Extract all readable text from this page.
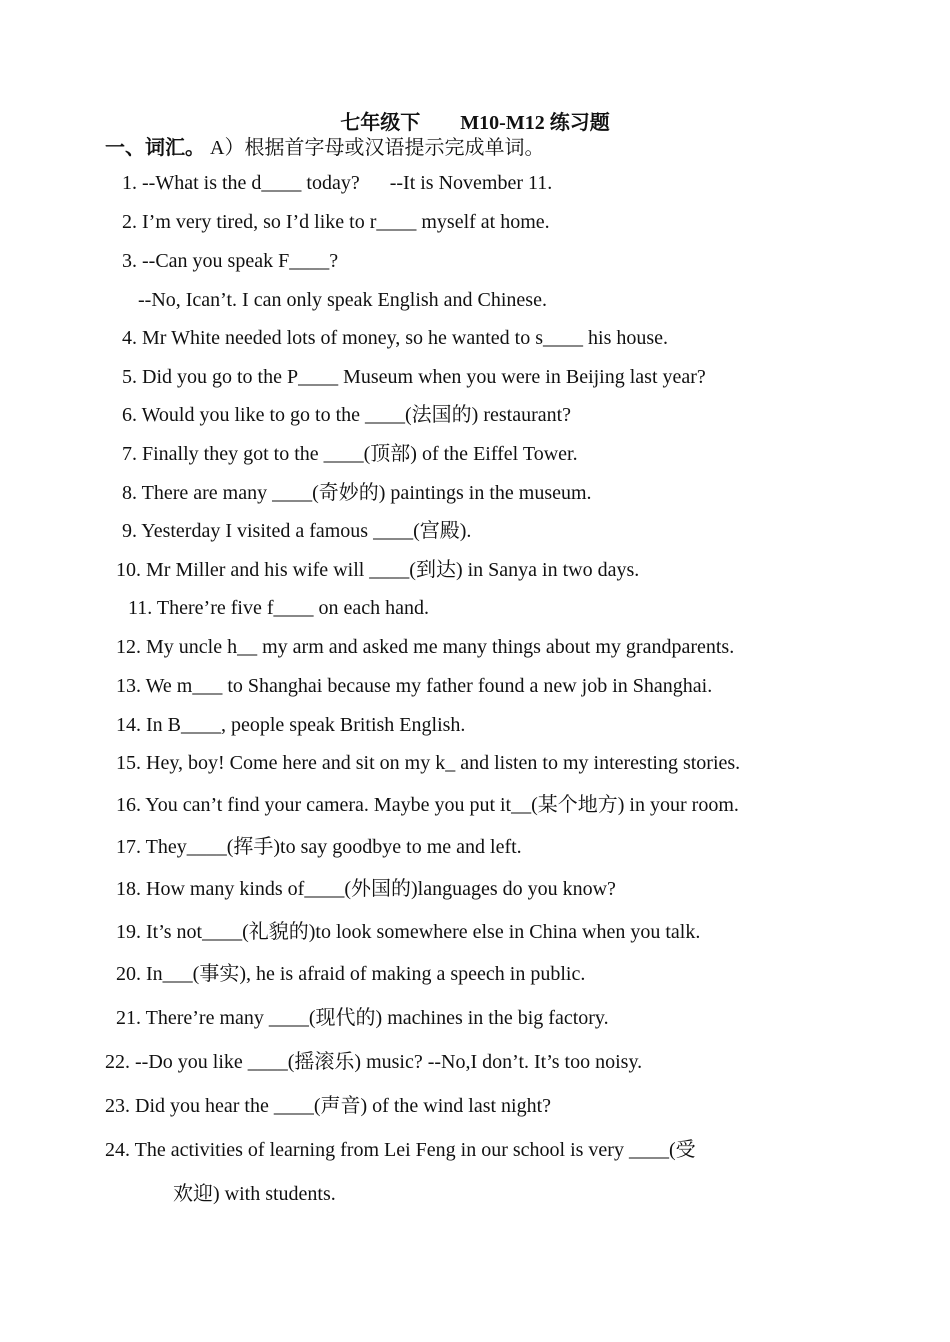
七年级下        M10-M12 练习题
一、词汇。 A）根据首字母或汉语提示完成单词。
1. --What is the d____ today?      --It is November 11.
2. I’m very tired, so I’d like to r____ myself at home.
3. --Can you speak F____?
--No, Ican’t. I can only speak English and Chinese.
4. Mr White needed lots of money, so he wanted to s____ his house.
5. Did you go to the P____ Museum when you were in Beijing last year?
6. Would you like to go to the ____(法国的) restaurant?
7. Finally they got to the ____(顶部) of the Eiffel Tower.
8. There are many ____(奇妙的) paintings in the museum.
9. Yesterday I visited a famous ____(宫殿).
10. Mr Miller and his wife will ____(到达) in Sanya in two days.
11. There’re five f____ on each hand.
12. My uncle h__ my arm and asked me many things about my grandparents.
13. We m___ to Shanghai because my father found a new job in Shanghai.
14. In B____, people speak British English.
15. Hey, boy! Come here and sit on my k_ and listen to my interesting stories.
16. You can’t find your camera. Maybe you put it__(某个地方) in your room.
17. They____(挥手)to say goodbye to me and left.
18. How many kinds of____(外国的)languages do you know?
19. It’s not____(礼貌的)to look somewhere else in China when you talk.
20. In___(事实), he is afraid of making a speech in public.
21. There’re many ____(现代的) machines in the big factory.
22. --Do you like ____(摇滚乐) music? --No,I don’t. It’s too noisy.
23. Did you hear the ____(声音) of the wind last night?
24. The activities of learning from Lei Feng in our school is very ____(受
欢迎) with students.
